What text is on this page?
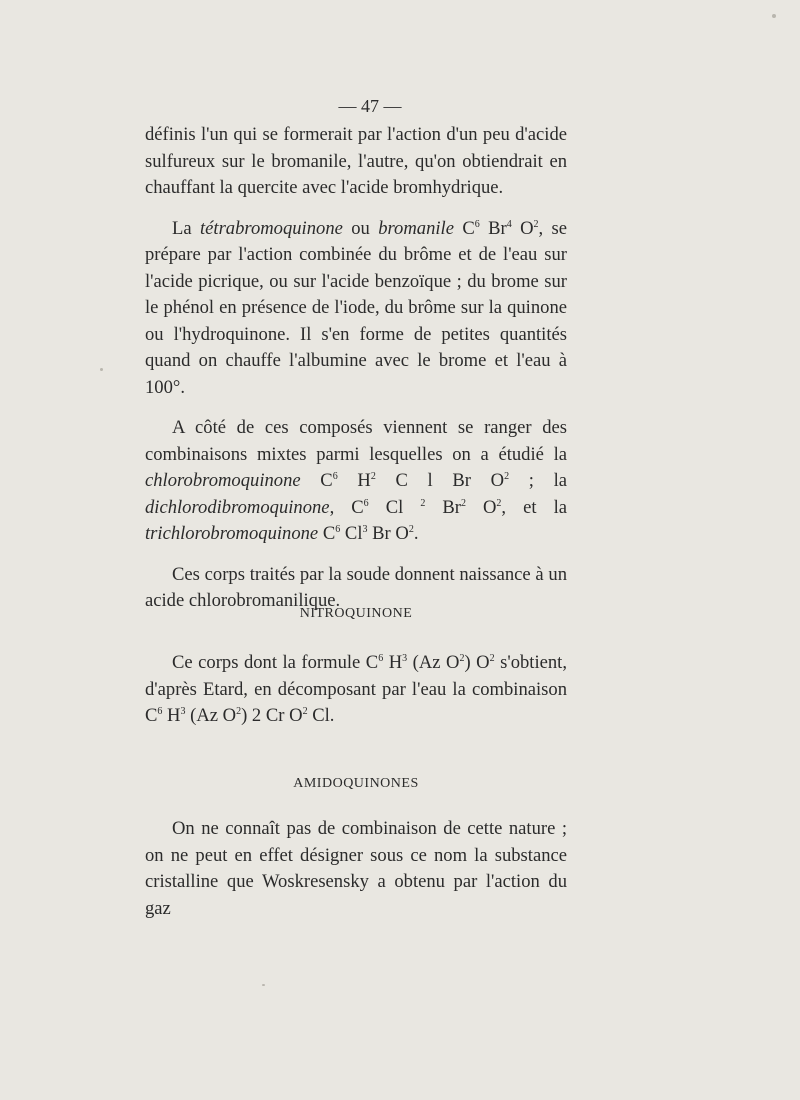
— 47 —

définis l'un qui se formerait par l'action d'un peu d'acide sulfureux sur le bromanile, l'autre, qu'on obtiendrait en chauffant la quercite avec l'acide bromhydrique.

La tétrabromoquinone ou bromanile $C^6$ Br$^4$ $O^2$, se prépare par l'action combinée du brôme et de l'eau sur l'acide picrique, ou sur l'acide benzoïque ; du brome sur le phénol en présence de l'iode, du brôme sur la quinone ou l'hydroquinone. Il s'en forme de petites quantités quand on chauffe l'albumine avec le brome et l'eau à 100°.

A côté de ces composés viennent se ranger des combinaisons mixtes parmi lesquelles on a étudié la chlorobromoquinone $C^6$ $H^2$ C l Br $O^2$ ; la dichlorodibromoquinone, $C^6$ Cl $^2$ Br$^2$ $O^2$, et la trichlorobromoquinone $C^6$ Cl$^3$ Br $O^2$.

Ces corps traités par la soude donnent naissance à un acide chlorobromanilique.

NITROQUINONE

Ce corps dont la formule $C^6$ $H^3$ (Az $O^2$) $O^2$ s'obtient, d'après Etard, en décomposant par l'eau la combinaison $C^6$ $H^3$ (Az $O^2$) 2 Cr $O^2$ Cl.

AMIDOQUINONES

On ne connaît pas de combinaison de cette nature ; on ne peut en effet désigner sous ce nom la substance cristalline que Woskresensky a obtenu par l'action du gaz
